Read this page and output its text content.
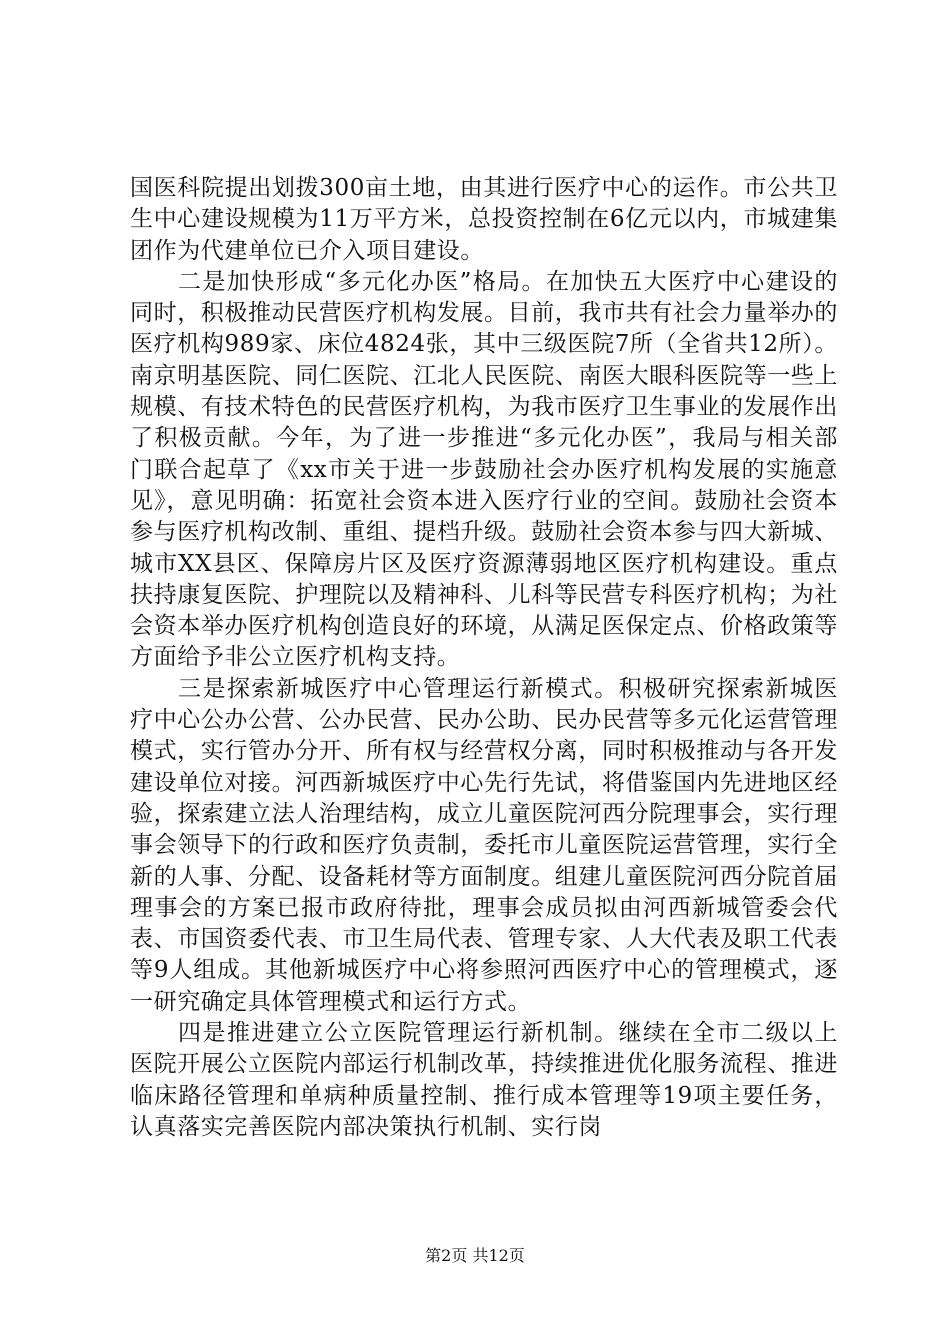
国医科院提出划拨300亩土地，由其进行医疗中心的运作。市公共卫生中心建设规模为11万平方米，总投资控制在6亿元以内，市城建集团作为代建单位已介入项目建设。

二是加快形成“多元化办医”格局。在加快五大医疗中心建设的同时，积极推动民营医疗机构发展。目前，我市共有社会力量举办的医疗机构989家、床位4824张，其中三级医院7所（全省共12所）。南京明基医院、同仁医院、江北人民医院、南医大眼科医院等一些上规模、有技术特色的民营医疗机构，为我市医疗卫生事业的发展作出了积极贡献。今年，为了进一步推进“多元化办医”，我局与相关部门联合起草了《xx市关于进一步鼓励社会办医疗机构发展的实施意见》，意见明确：拓宽社会资本进入医疗行业的空间。鼓励社会资本参与医疗机构改制、重组、提档升级。鼓励社会资本参与四大新城、城市XX县区、保障房片区及医疗资源薄弱地区医疗机构建设。重点扶持康复医院、护理院以及精神科、儿科等民营专科医疗机构；为社会资本举办医疗机构创造良好的环境，从满足医保定点、价格政策等方面给予非公立医疗机构支持。

三是探索新城医疗中心管理运行新模式。积极研究探索新城医疗中心公办公营、公办民营、民办公助、民办民营等多元化运营管理模式，实行管办分开、所有权与经营权分离，同时积极推动与各开发建设单位对接。河西新城医疗中心先行先试，将借鉴国内先进地区经验，探索建立法人治理结构，成立儿童医院河西分院理事会，实行理事会领导下的行政和医疗负责制，委托市儿童医院运营管理，实行全新的人事、分配、设备耗材等方面制度。组建儿童医院河西分院首届理事会的方案已报市政府待批，理事会成员拟由河西新城管委会代表、市国资委代表、市卫生局代表、管理专家、人大代表及职工代表等9人组成。其他新城医疗中心将参照河西医疗中心的管理模式，逐一研究确定具体管理模式和运行方式。

四是推进建立公立医院管理运行新机制。继续在全市二级以上医院开展公立医院内部运行机制改革，持续推进优化服务流程、推进临床路径管理和单病种质量控制、推行成本管理等19项主要任务，认真落实完善医院内部决策执行机制、实行岗

第2页 共12页
